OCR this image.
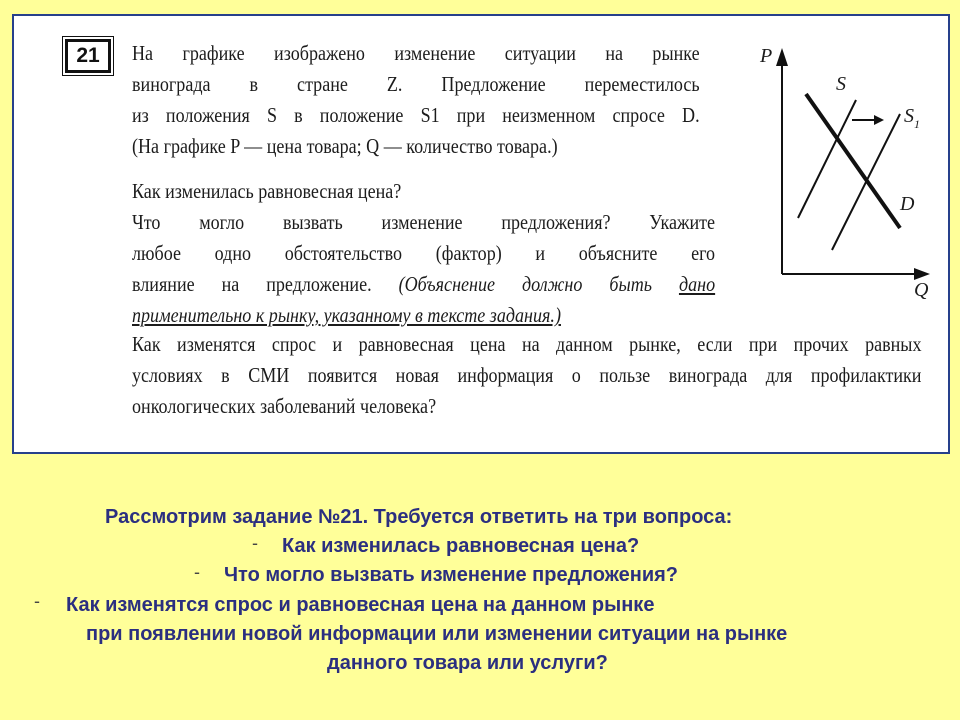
21	На графике изображено изменение ситуации на рынке
винограда в стране Z. Предложение переместилось
из положения S в положение S1 при неизменном спросе D.
(На графике P — цена товара; Q — количество товара.)

Как изменилась равновесная цена?
Что могло вызвать изменение предложения? Укажите
любое одно обстоятельство (фактор) и объясните его
влияние на предложение. (Объяснение должно быть дано
применительно к рынку, указанному в тексте задания.)

Как изменятся спрос и равновесная цена на данном рынке, если при прочих равных
условиях в СМИ появится новая информация о пользе винограда для профилактики
онкологических заболеваний человека?

P
Q
S
$S_1$
D
Рассмотрим задание №21. Требуется ответить на три вопроса:
- Как изменилась равновесная цена?
- Что могло вызвать изменение предложения?
- Как изменятся спрос и равновесная цена на данном рынке
при появлении новой информации или изменении ситуации на рынке
данного товара или услуги?
